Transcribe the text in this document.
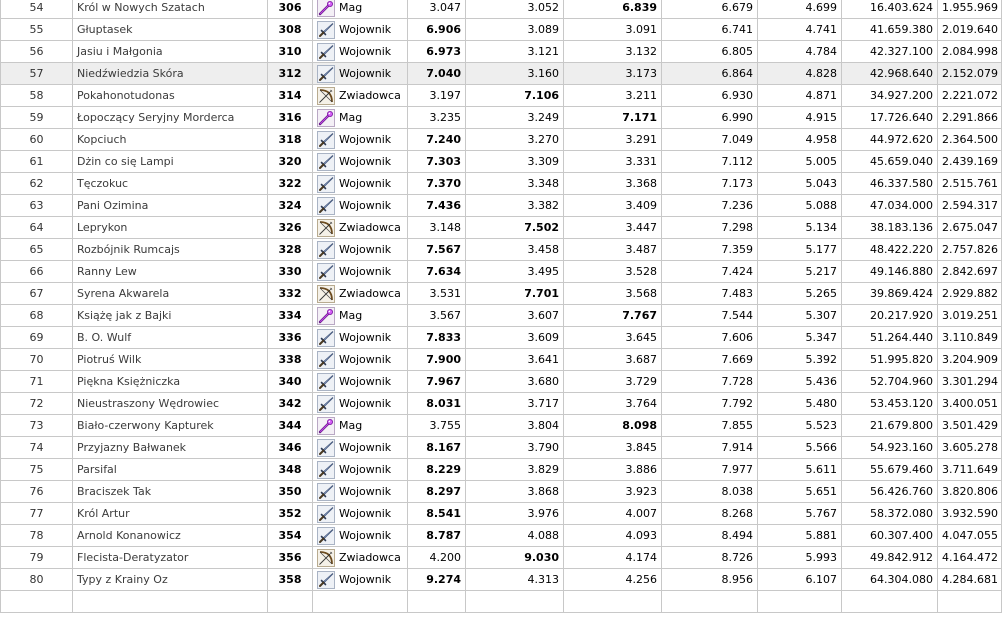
54	Król w Nowych Szatach	306	Mag	3.047	3.052	6.839	6.679	4.699	16.403.624	1.955.969
55	Głuptasek	308	Wojownik	6.906	3.089	3.091	6.741	4.741	41.659.380	2.019.640
56	Jasiu i Małgonia	310	Wojownik	6.973	3.121	3.132	6.805	4.784	42.327.100	2.084.998
57	Niedźwiedzia Skóra	312	Wojownik	7.040	3.160	3.173	6.864	4.828	42.968.640	2.152.079
58	Pokahonotudonas	314	Zwiadowca	3.197	7.106	3.211	6.930	4.871	34.927.200	2.221.072
59	Łopoczący Seryjny Morderca	316	Mag	3.235	3.249	7.171	6.990	4.915	17.726.640	2.291.866
60	Kopciuch	318	Wojownik	7.240	3.270	3.291	7.049	4.958	44.972.620	2.364.500
61	Dżin co się Lampi	320	Wojownik	7.303	3.309	3.331	7.112	5.005	45.659.040	2.439.169
62	Tęczokuc	322	Wojownik	7.370	3.348	3.368	7.173	5.043	46.337.580	2.515.761
63	Pani Ozimina	324	Wojownik	7.436	3.382	3.409	7.236	5.088	47.034.000	2.594.317
64	Leprykon	326	Zwiadowca	3.148	7.502	3.447	7.298	5.134	38.183.136	2.675.047
65	Rozbójnik Rumcajs	328	Wojownik	7.567	3.458	3.487	7.359	5.177	48.422.220	2.757.826
66	Ranny Lew	330	Wojownik	7.634	3.495	3.528	7.424	5.217	49.146.880	2.842.697
67	Syrena Akwarela	332	Zwiadowca	3.531	7.701	3.568	7.483	5.265	39.869.424	2.929.882
68	Książę jak z Bajki	334	Mag	3.567	3.607	7.767	7.544	5.307	20.217.920	3.019.251
69	B. O. Wulf	336	Wojownik	7.833	3.609	3.645	7.606	5.347	51.264.440	3.110.849
70	Piotruś Wilk	338	Wojownik	7.900	3.641	3.687	7.669	5.392	51.995.820	3.204.909
71	Piękna Księżniczka	340	Wojownik	7.967	3.680	3.729	7.728	5.436	52.704.960	3.301.294
72	Nieustraszony Wędrowiec	342	Wojownik	8.031	3.717	3.764	7.792	5.480	53.453.120	3.400.051
73	Biało-czerwony Kapturek	344	Mag	3.755	3.804	8.098	7.855	5.523	21.679.800	3.501.429
74	Przyjazny Bałwanek	346	Wojownik	8.167	3.790	3.845	7.914	5.566	54.923.160	3.605.278
75	Parsifal	348	Wojownik	8.229	3.829	3.886	7.977	5.611	55.679.460	3.711.649
76	Braciszek Tak	350	Wojownik	8.297	3.868	3.923	8.038	5.651	56.426.760	3.820.806
77	Król Artur	352	Wojownik	8.541	3.976	4.007	8.268	5.767	58.372.080	3.932.590
78	Arnold Konanowicz	354	Wojownik	8.787	4.088	4.093	8.494	5.881	60.307.400	4.047.055
79	Flecista-Deratyzator	356	Zwiadowca	4.200	9.030	4.174	8.726	5.993	49.842.912	4.164.472
80	Typy z Krainy Oz	358	Wojownik	9.274	4.313	4.256	8.956	6.107	64.304.080	4.284.681
